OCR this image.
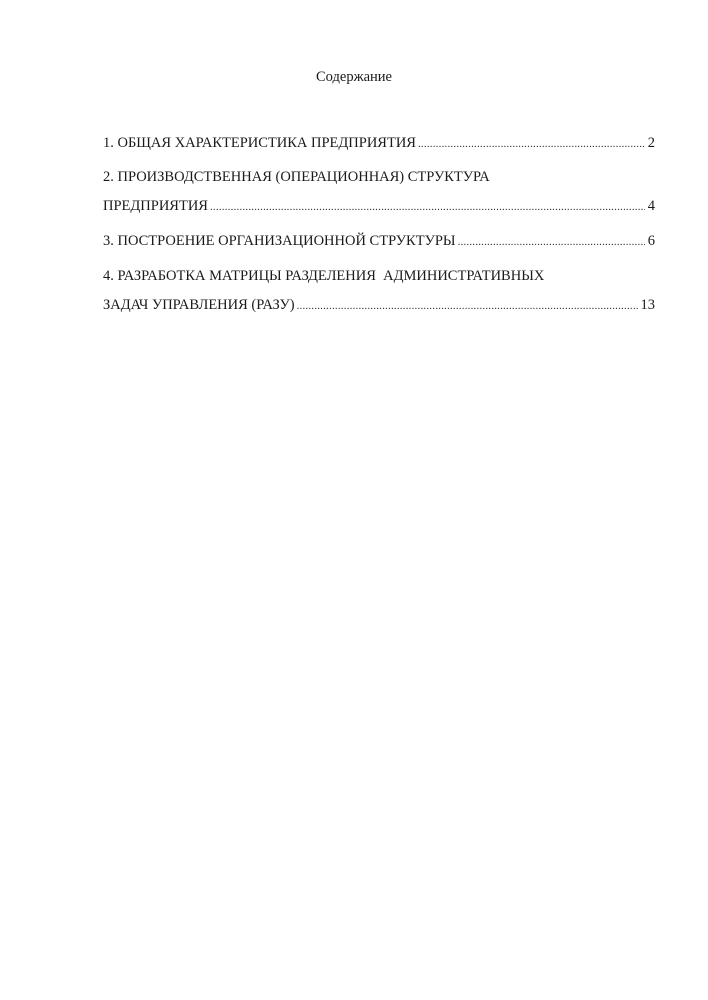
Содержание
1. ОБЩАЯ ХАРАКТЕРИСТИКА ПРЕДПРИЯТИЯ .....	2
2. ПРОИЗВОДСТВЕННАЯ (ОПЕРАЦИОННАЯ) СТРУКТУРА
ПРЕДПРИЯТИЯ .....	4
3. ПОСТРОЕНИЕ ОРГАНИЗАЦИОННОЙ СТРУКТУРЫ .....	6
4. РАЗРАБОТКА МАТРИЦЫ РАЗДЕЛЕНИЯ  АДМИНИСТРАТИВНЫХ
ЗАДАЧ УПРАВЛЕНИЯ (РАЗУ) .....	13
